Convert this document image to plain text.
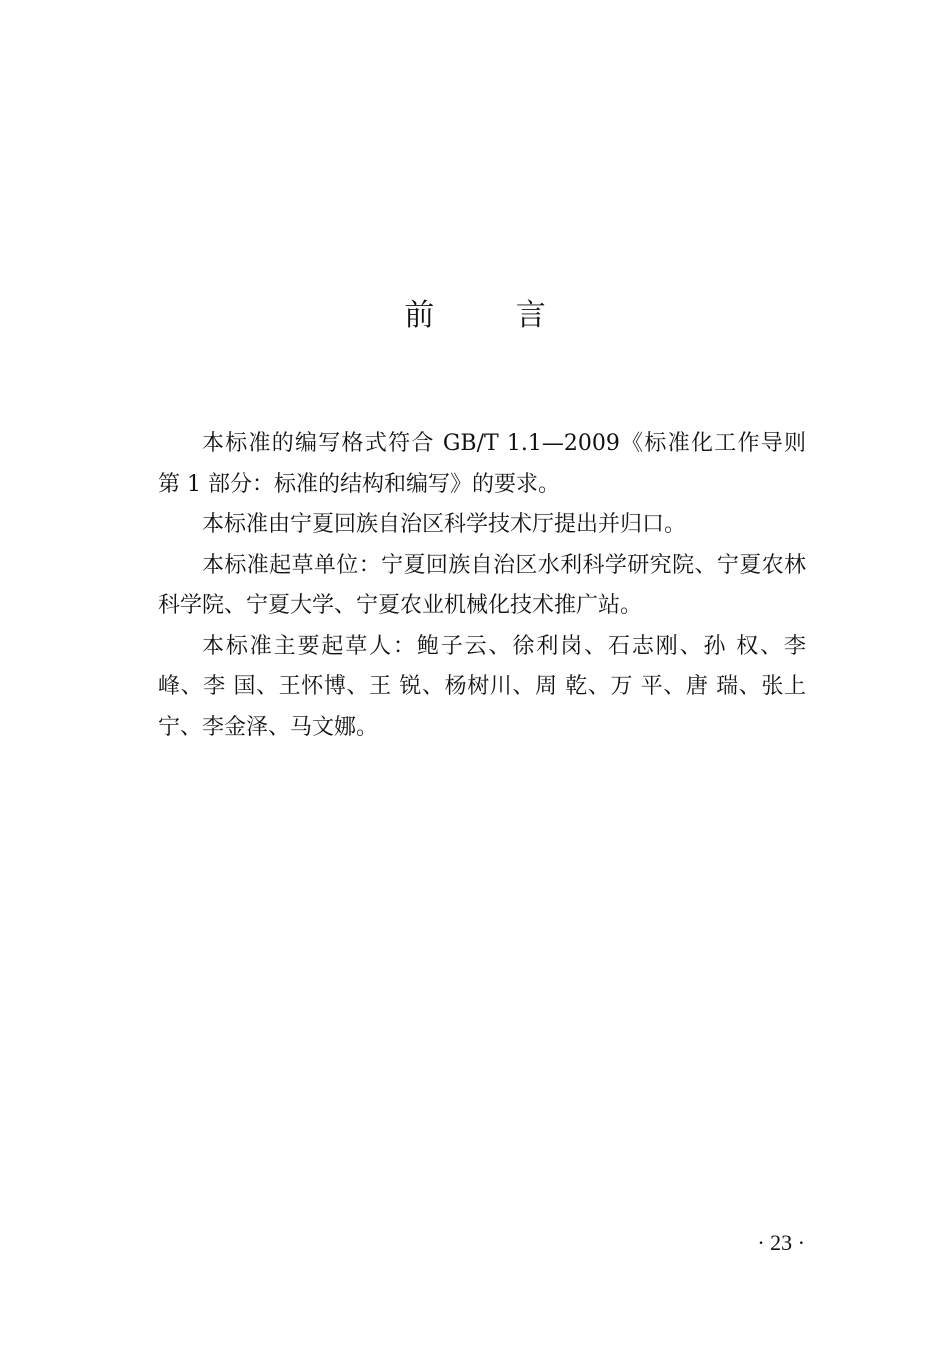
前 言

本标准的编写格式符合 GB/T 1.1—2009《标准化工作导则 第 1 部分：标准的结构和编写》的要求。

本标准由宁夏回族自治区科学技术厅提出并归口。

本标准起草单位：宁夏回族自治区水利科学研究院、宁夏农林科学院、宁夏大学、宁夏农业机械化技术推广站。

本标准主要起草人：鲍子云、徐利岗、石志刚、孙 权、李 峰、李 国、王怀博、王 锐、杨树川、周 乾、万 平、唐 瑞、张上宁、李金泽、马文娜。

· 23 ·
